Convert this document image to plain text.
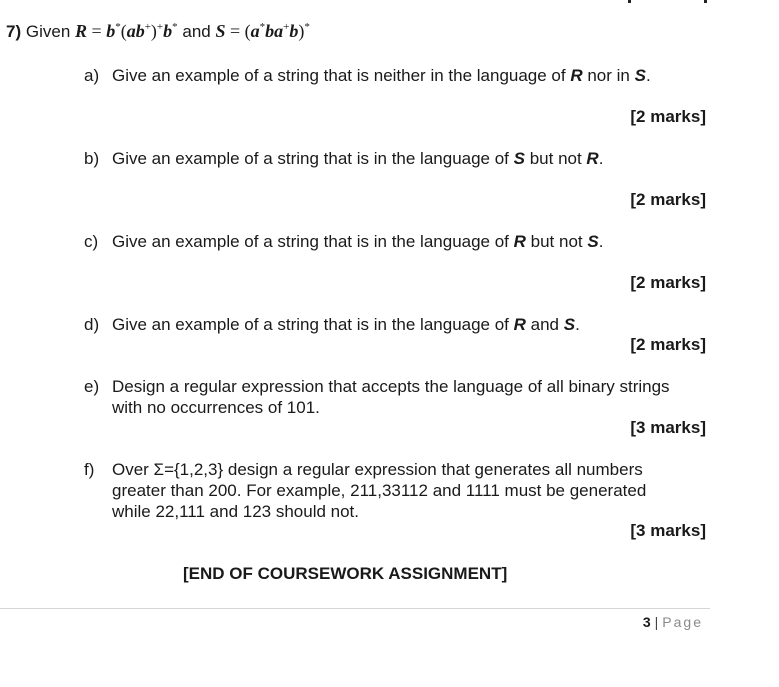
7) Given R = b*(ab+)+b* and S = (a*ba+b)*
a) Give an example of a string that is neither in the language of R nor in S.
[2 marks]
b) Give an example of a string that is in the language of S but not R.
[2 marks]
c) Give an example of a string that is in the language of R but not S.
[2 marks]
d) Give an example of a string that is in the language of R and S.
[2 marks]
e) Design a regular expression that accepts the language of all binary strings
with no occurrences of 101.
[3 marks]
f) Over Σ={1,2,3} design a regular expression that generates all numbers
greater than 200. For example, 211,33112 and 1111 must be generated
while 22,111 and 123 should not.
[3 marks]
[END OF COURSEWORK ASSIGNMENT]
3 | Page
